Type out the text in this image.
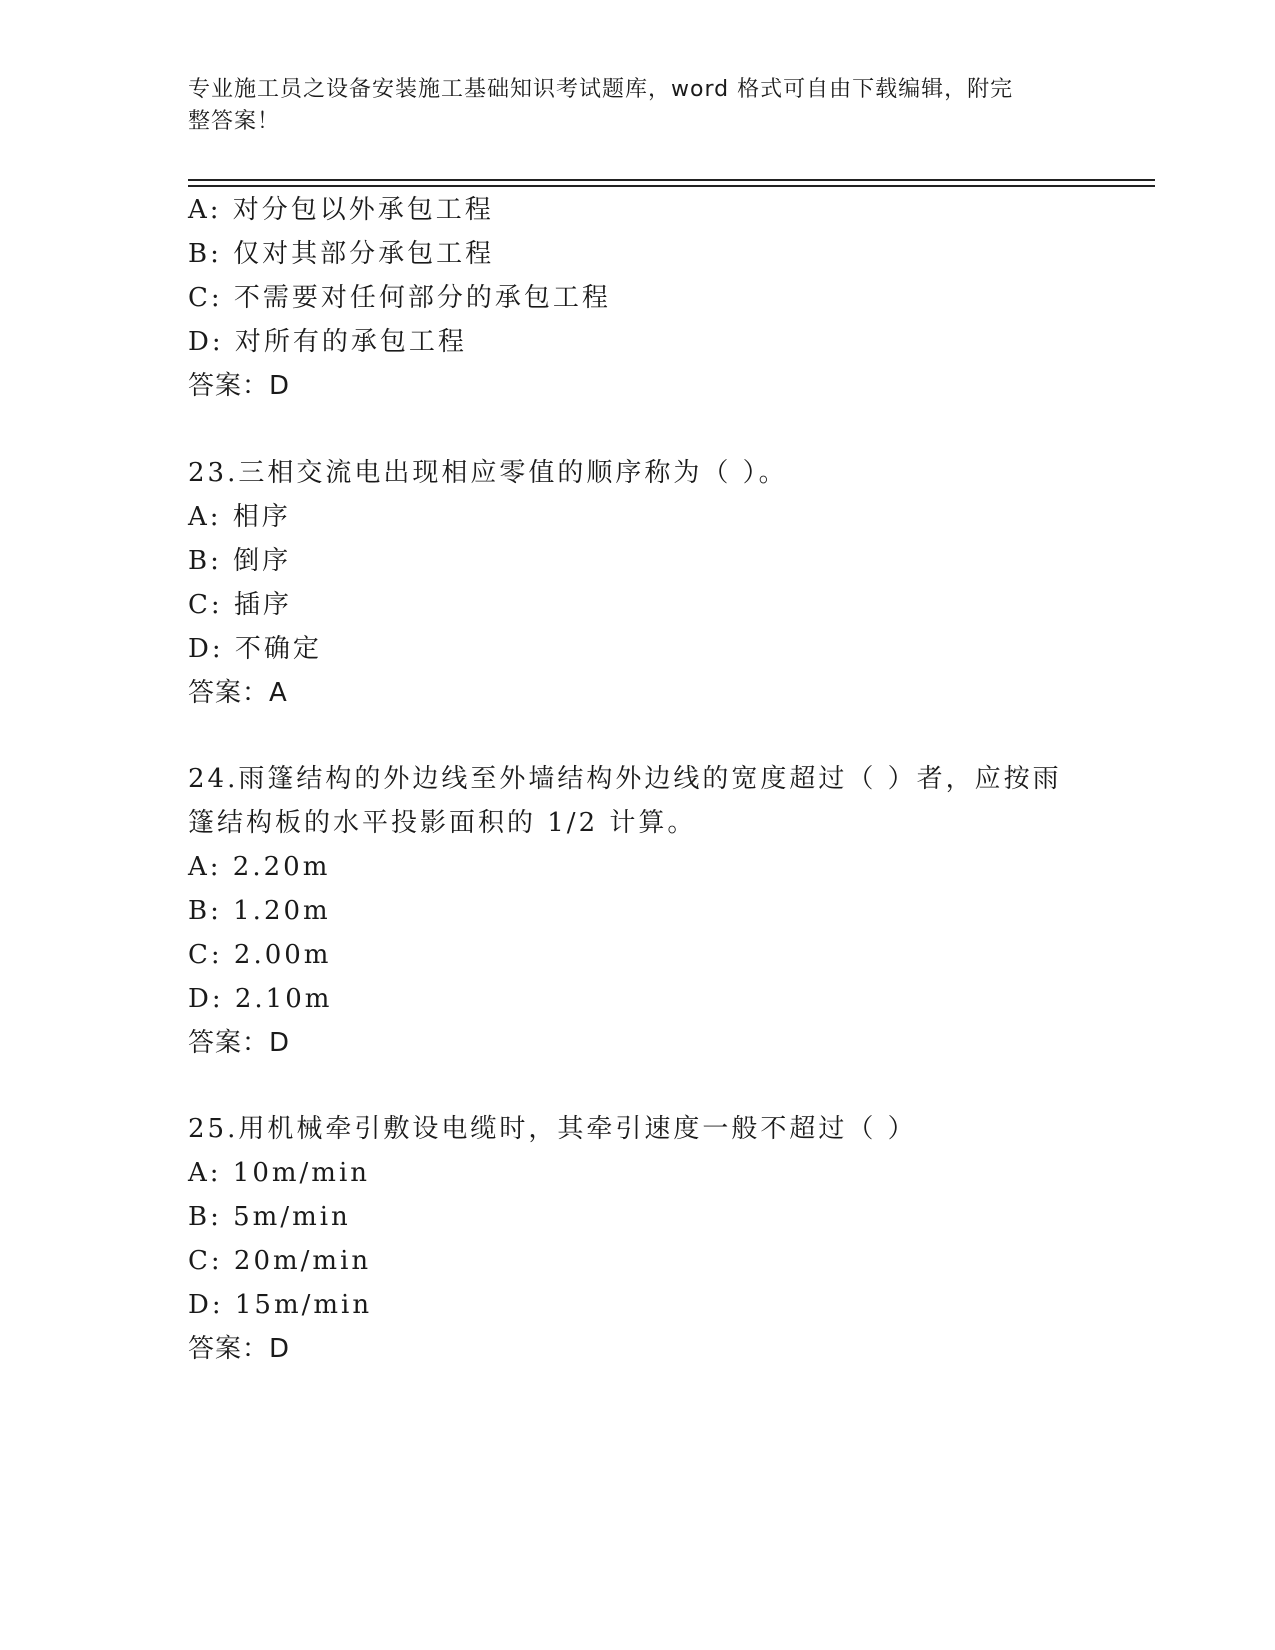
专业施工员之设备安装施工基础知识考试题库，word 格式可自由下载编辑，附完
整答案！
A: 对分包以外承包工程
B: 仅对其部分承包工程
C: 不需要对任何部分的承包工程
D: 对所有的承包工程
答案：D
23.三相交流电出现相应零值的顺序称为（ ）。
A: 相序
B: 倒序
C: 插序
D: 不确定
答案：A
24.雨篷结构的外边线至外墙结构外边线的宽度超过（ ）者，应按雨
篷结构板的水平投影面积的 1/2 计算。
A: 2.20m
B: 1.20m
C: 2.00m
D: 2.10m
答案：D
25.用机械牵引敷设电缆时，其牵引速度一般不超过（ ）
A: 10m/min
B: 5m/min
C: 20m/min
D: 15m/min
答案：D
